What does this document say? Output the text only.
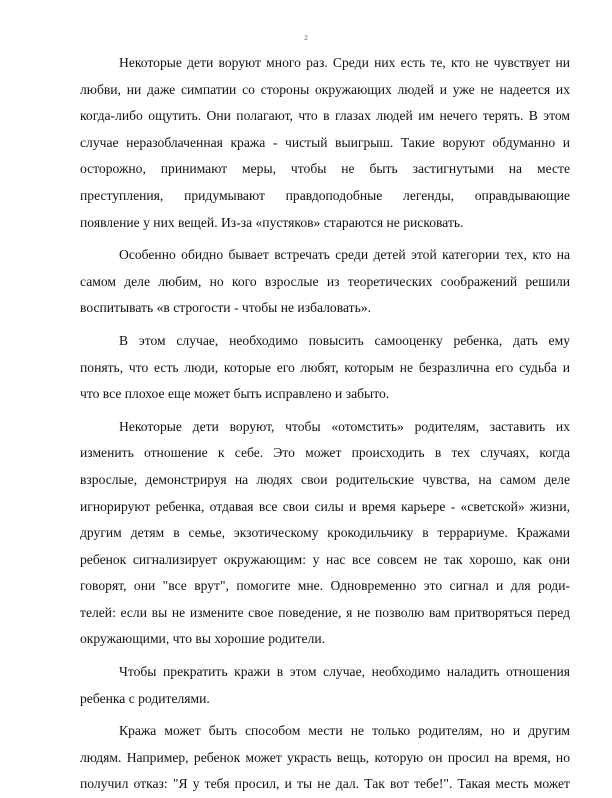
2
Некоторые дети воруют много раз. Среди них есть те, кто не чувствует ни
любви, ни даже симпатии со стороны окружающих людей и уже не надеется их
когда-либо ощутить. Они полагают, что в глазах людей им нечего терять. В этом
случае неразоблаченная кража - чистый выигрыш. Такие воруют обдуманно и
осторожно, принимают меры, чтобы не быть застигнутыми на месте
преступления, придумывают правдоподобные легенды, оправдывающие
появление у них вещей. Из-за «пустяков» стараются не рисковать.
Особенно обидно бывает встречать среди детей этой категории тех, кто на
самом деле любим, но кого взрослые из теоретических соображений решили
воспитывать «в строгости - чтобы не избаловать».
В этом случае, необходимо повысить самооценку ребенка, дать ему
понять, что есть люди, которые его любят, которым не безразлична его судьба и
что все плохое еще может быть исправлено и забыто.
Некоторые дети воруют, чтобы «отомстить» родителям, заставить их
изменить отношение к себе. Это может происходить в тех случаях, когда
взрослые, демонстрируя на людях свои родительские чувства, на самом деле
игнорируют ребенка, отдавая все свои силы и время карьере - «светской» жизни,
другим детям в семье, экзотическому крокодильчику в террариуме. Кражами
ребенок сигнализирует окружающим: у нас все совсем не так хорошо, как они
говорят, они "все врут", помогите мне. Одновременно это сигнал и для роди-
телей: если вы не измените свое поведение, я не позволю вам притворяться перед
окружающими, что вы хорошие родители.
Чтобы прекратить кражи в этом случае, необходимо наладить отношения
ребенка с родителями.
Кража может быть способом мести не только родителям, но и другим
людям. Например, ребенок может украсть вещь, которую он просил на время, но
получил отказ: "Я у тебя просил, и ты не дал. Так вот тебе!". Такая месть может
